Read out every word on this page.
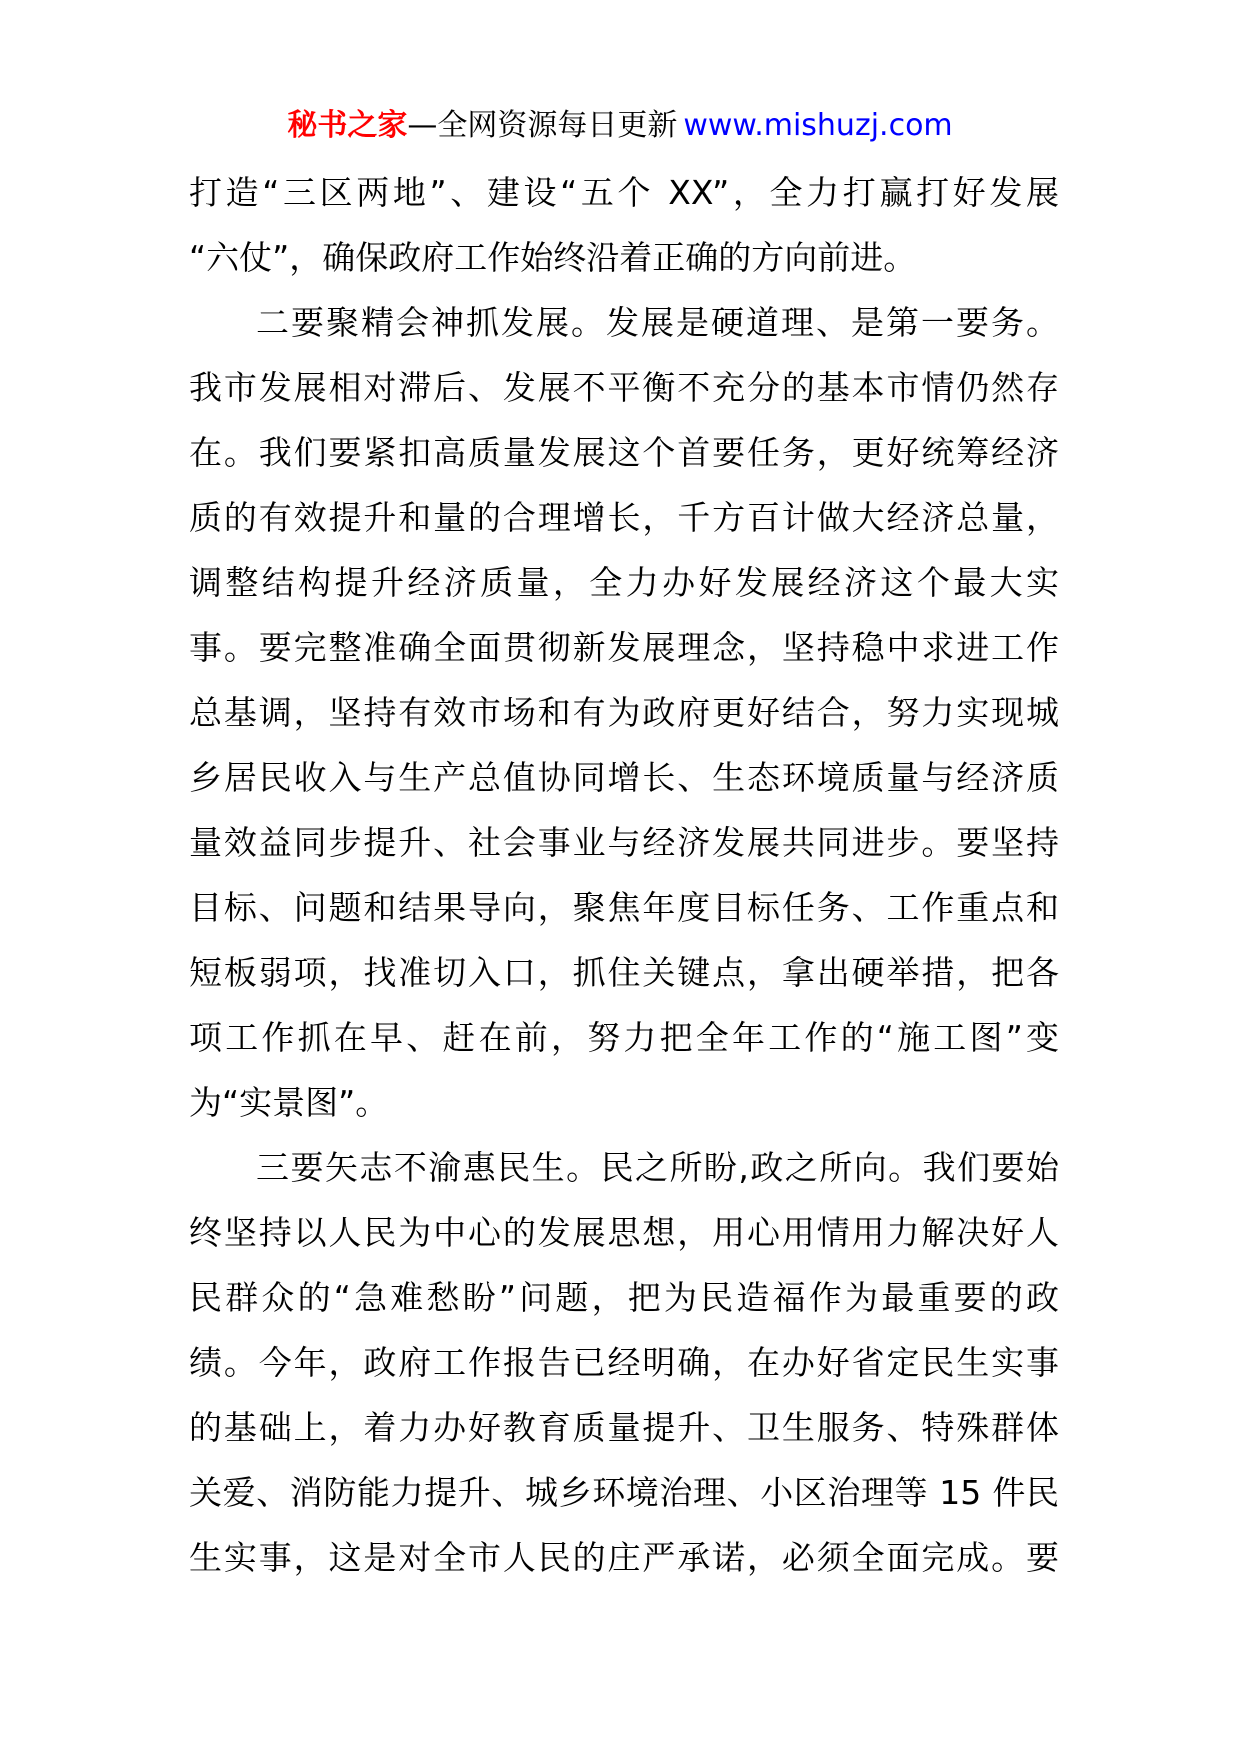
秘书之家—全网资源每日更新 www.mishuzj.com
打造“三区两地”、建设“五个 XX”，全力打赢打好发展
“六仗”，确保政府工作始终沿着正确的方向前进。
二要聚精会神抓发展。发展是硬道理、是第一要务。
我市发展相对滞后、发展不平衡不充分的基本市情仍然存
在。我们要紧扣高质量发展这个首要任务，更好统筹经济
质的有效提升和量的合理增长，千方百计做大经济总量，
调整结构提升经济质量，全力办好发展经济这个最大实
事。要完整准确全面贯彻新发展理念，坚持稳中求进工作
总基调，坚持有效市场和有为政府更好结合，努力实现城
乡居民收入与生产总值协同增长、生态环境质量与经济质
量效益同步提升、社会事业与经济发展共同进步。要坚持
目标、问题和结果导向，聚焦年度目标任务、工作重点和
短板弱项，找准切入口，抓住关键点，拿出硬举措，把各
项工作抓在早、赶在前，努力把全年工作的“施工图”变
为“实景图”。
三要矢志不渝惠民生。民之所盼,政之所向。我们要始
终坚持以人民为中心的发展思想，用心用情用力解决好人
民群众的“急难愁盼”问题，把为民造福作为最重要的政
绩。今年，政府工作报告已经明确，在办好省定民生实事
的基础上，着力办好教育质量提升、卫生服务、特殊群体
关爱、消防能力提升、城乡环境治理、小区治理等 15 件民
生实事，这是对全市人民的庄严承诺，必须全面完成。要
